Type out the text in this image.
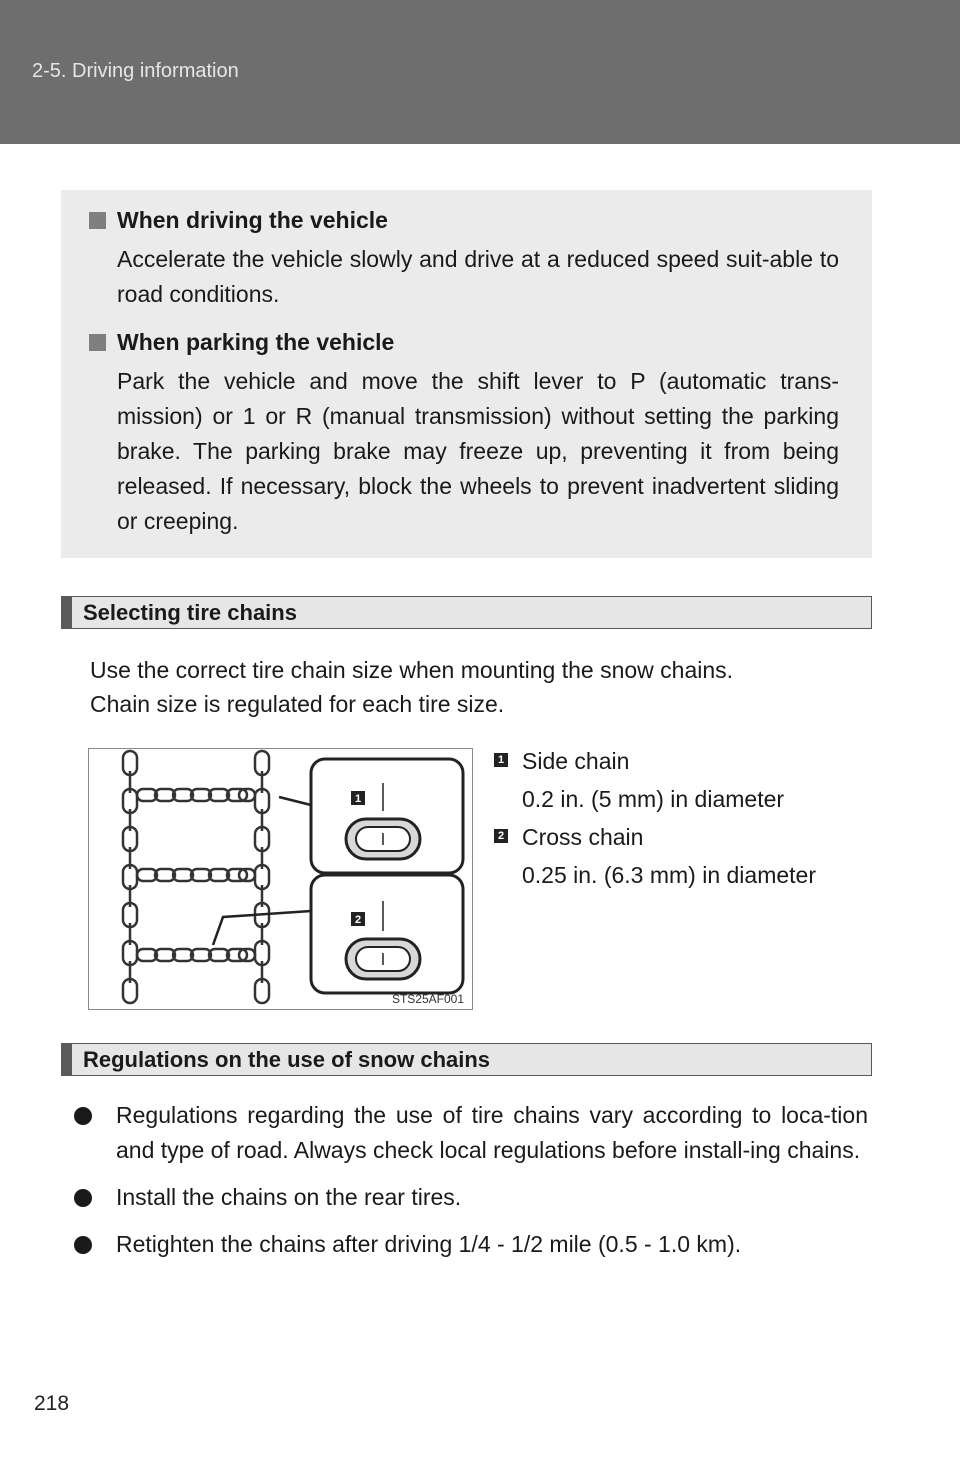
2-5. Driving information
When driving the vehicle
Accelerate the vehicle slowly and drive at a reduced speed suit-able to road conditions.
When parking the vehicle
Park the vehicle and move the shift lever to P (automatic trans-mission) or 1 or R (manual transmission) without setting the parking brake. The parking brake may freeze up, preventing it from being released. If necessary, block the wheels to prevent inadvertent sliding or creeping.
Selecting tire chains
Use the correct tire chain size when mounting the snow chains.
Chain size is regulated for each tire size.
1
2
STS25AF001
1 Side chain
0.2 in. (5 mm) in diameter
2 Cross chain
0.25 in. (6.3 mm) in diameter
Regulations on the use of snow chains
Regulations regarding the use of tire chains vary according to loca-tion and type of road. Always check local regulations before install-ing chains.
Install the chains on the rear tires.
Retighten the chains after driving 1/4 - 1/2 mile (0.5 - 1.0 km).
218
